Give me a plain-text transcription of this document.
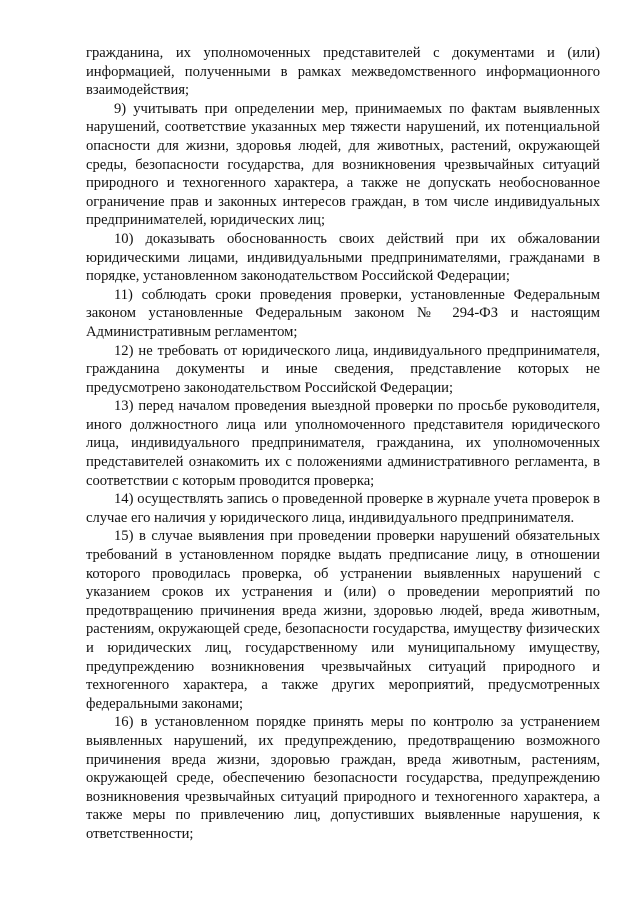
гражданина, их уполномоченных представителей с документами и (или) информацией, полученными в рамках межведомственного информационного взаимодействия;

9) учитывать при определении мер, принимаемых по фактам выявленных нарушений, соответствие указанных мер тяжести нарушений, их потенциальной опасности для жизни, здоровья людей, для животных, растений, окружающей среды, безопасности государства, для возникновения чрезвычайных ситуаций природного и техногенного характера, а также не допускать необоснованное ограничение прав и законных интересов граждан, в том числе индивидуальных предпринимателей, юридических лиц;

10) доказывать обоснованность своих действий при их обжаловании юридическими лицами, индивидуальными предпринимателями, гражданами в порядке, установленном законодательством Российской Федерации;

11) соблюдать сроки проведения проверки, установленные Федеральным законом установленные Федеральным законом № 294-ФЗ и настоящим Административным регламентом;

12) не требовать от юридического лица, индивидуального предпринимателя, гражданина документы и иные сведения, представление которых не предусмотрено законодательством Российской Федерации;

13) перед началом проведения выездной проверки по просьбе руководителя, иного должностного лица или уполномоченного представителя юридического лица, индивидуального предпринимателя, гражданина, их уполномоченных представителей ознакомить их с положениями административного регламента, в соответствии с которым проводится проверка;

14) осуществлять запись о проведенной проверке в журнале учета проверок в случае его наличия у юридического лица, индивидуального предпринимателя.

15) в случае выявления при проведении проверки нарушений обязательных требований в установленном порядке выдать предписание лицу, в отношении которого проводилась проверка, об устранении выявленных нарушений с указанием сроков их устранения и (или) о проведении мероприятий по предотвращению причинения вреда жизни, здоровью людей, вреда животным, растениям, окружающей среде, безопасности государства, имуществу физических и юридических лиц, государственному или муниципальному имуществу, предупреждению возникновения чрезвычайных ситуаций природного и техногенного характера, а также других мероприятий, предусмотренных федеральными законами;

16) в установленном порядке принять меры по контролю за устранением выявленных нарушений, их предупреждению, предотвращению возможного причинения вреда жизни, здоровью граждан, вреда животным, растениям, окружающей среде, обеспечению безопасности государства, предупреждению возникновения чрезвычайных ситуаций природного и техногенного характера, а также меры по привлечению лиц, допустивших выявленные нарушения, к ответственности;
